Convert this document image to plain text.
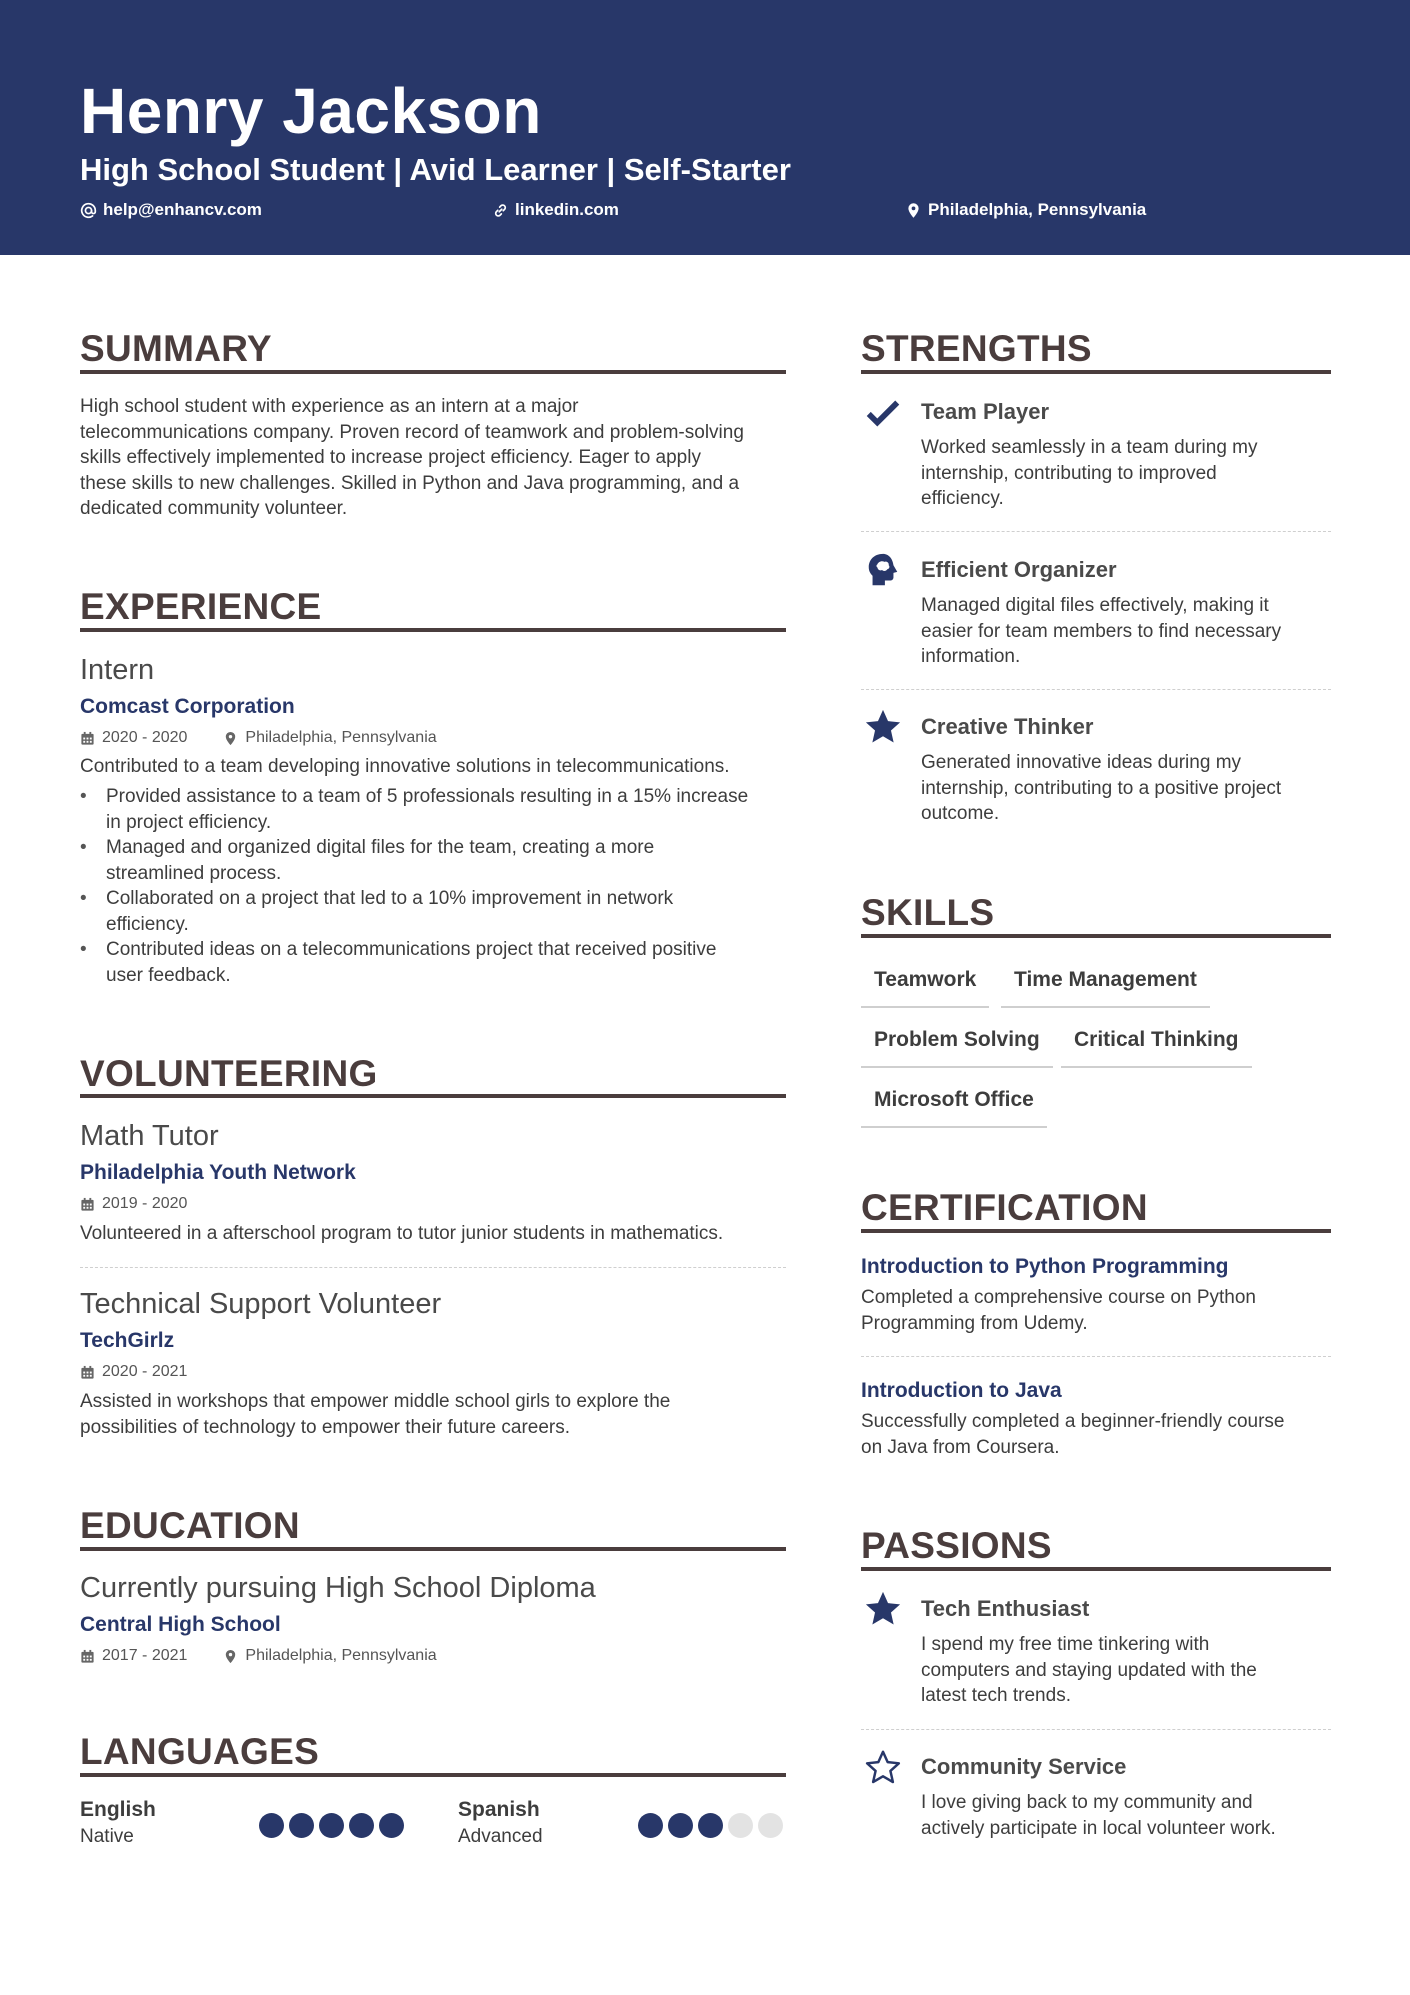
Henry Jackson
High School Student | Avid Learner | Self-Starter
help@enhancv.com	linkedin.com	Philadelphia, Pennsylvania
SUMMARY
High school student with experience as an intern at a major
telecommunications company. Proven record of teamwork and problem-solving
skills effectively implemented to increase project efficiency. Eager to apply
these skills to new challenges. Skilled in Python and Java programming, and a
dedicated community volunteer.
EXPERIENCE
Intern
Comcast Corporation
2020 - 2020	Philadelphia, Pennsylvania
Contributed to a team developing innovative solutions in telecommunications.
• Provided assistance to a team of 5 professionals resulting in a 15% increase
in project efficiency.
• Managed and organized digital files for the team, creating a more
streamlined process.
• Collaborated on a project that led to a 10% improvement in network
efficiency.
• Contributed ideas on a telecommunications project that received positive
user feedback.
VOLUNTEERING
Math Tutor
Philadelphia Youth Network
2019 - 2020
Volunteered in a afterschool program to tutor junior students in mathematics.
Technical Support Volunteer
TechGirlz
2020 - 2021
Assisted in workshops that empower middle school girls to explore the
possibilities of technology to empower their future careers.
EDUCATION
Currently pursuing High School Diploma
Central High School
2017 - 2021	Philadelphia, Pennsylvania
LANGUAGES
English
Native
Spanish
Advanced
STRENGTHS
Team Player
Worked seamlessly in a team during my
internship, contributing to improved
efficiency.
Efficient Organizer
Managed digital files effectively, making it
easier for team members to find necessary
information.
Creative Thinker
Generated innovative ideas during my
internship, contributing to a positive project
outcome.
SKILLS
Teamwork	Time Management
Problem Solving	Critical Thinking
Microsoft Office
CERTIFICATION
Introduction to Python Programming
Completed a comprehensive course on Python
Programming from Udemy.
Introduction to Java
Successfully completed a beginner-friendly course
on Java from Coursera.
PASSIONS
Tech Enthusiast
I spend my free time tinkering with
computers and staying updated with the
latest tech trends.
Community Service
I love giving back to my community and
actively participate in local volunteer work.
